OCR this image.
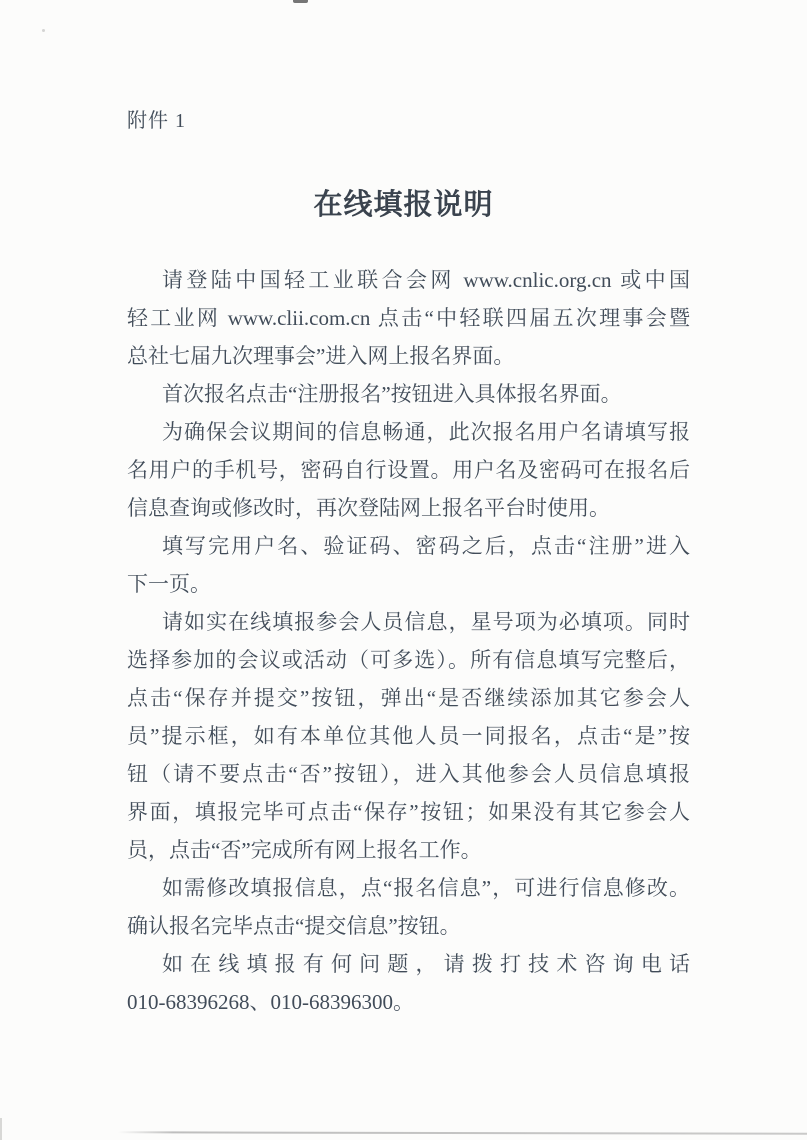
附件 1
在线填报说明
请登陆中国轻工业联合会网 www.cnlic.org.cn 或中国
轻工业网 www.clii.com.cn 点击“中轻联四届五次理事会暨
总社七届九次理事会”进入网上报名界面。
首次报名点击“注册报名”按钮进入具体报名界面。
为确保会议期间的信息畅通，此次报名用户名请填写报
名用户的手机号，密码自行设置。用户名及密码可在报名后
信息查询或修改时，再次登陆网上报名平台时使用。
填写完用户名、验证码、密码之后，点击“注册”进入
下一页。
请如实在线填报参会人员信息，星号项为必填项。同时
选择参加的会议或活动（可多选）。所有信息填写完整后，
点击“保存并提交”按钮，弹出“是否继续添加其它参会人
员”提示框，如有本单位其他人员一同报名，点击“是”按
钮（请不要点击“否”按钮），进入其他参会人员信息填报
界面，填报完毕可点击“保存”按钮；如果没有其它参会人
员，点击“否”完成所有网上报名工作。
如需修改填报信息，点“报名信息”，可进行信息修改。
确认报名完毕点击“提交信息”按钮。
如在线填报有何问题，请拨打技术咨询电话
010-68396268、010-68396300。
